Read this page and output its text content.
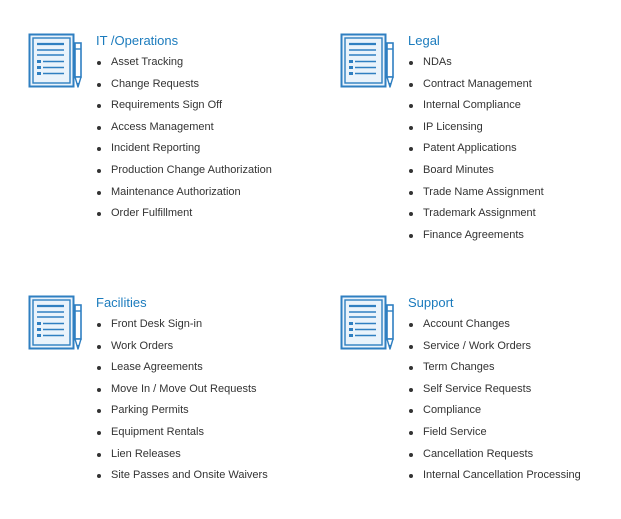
IT /Operations
Asset Tracking
Change Requests
Requirements Sign Off
Access Management
Incident Reporting
Production Change Authorization
Maintenance Authorization
Order Fulfillment
Legal
NDAs
Contract Management
Internal Compliance
IP Licensing
Patent Applications
Board Minutes
Trade Name Assignment
Trademark Assignment
Finance Agreements
Facilities
Front Desk Sign-in
Work Orders
Lease Agreements
Move In / Move Out Requests
Parking Permits
Equipment Rentals
Lien Releases
Site Passes and Onsite Waivers
Support
Account Changes
Service / Work Orders
Term Changes
Self Service Requests
Compliance
Field Service
Cancellation Requests
Internal Cancellation Processing
